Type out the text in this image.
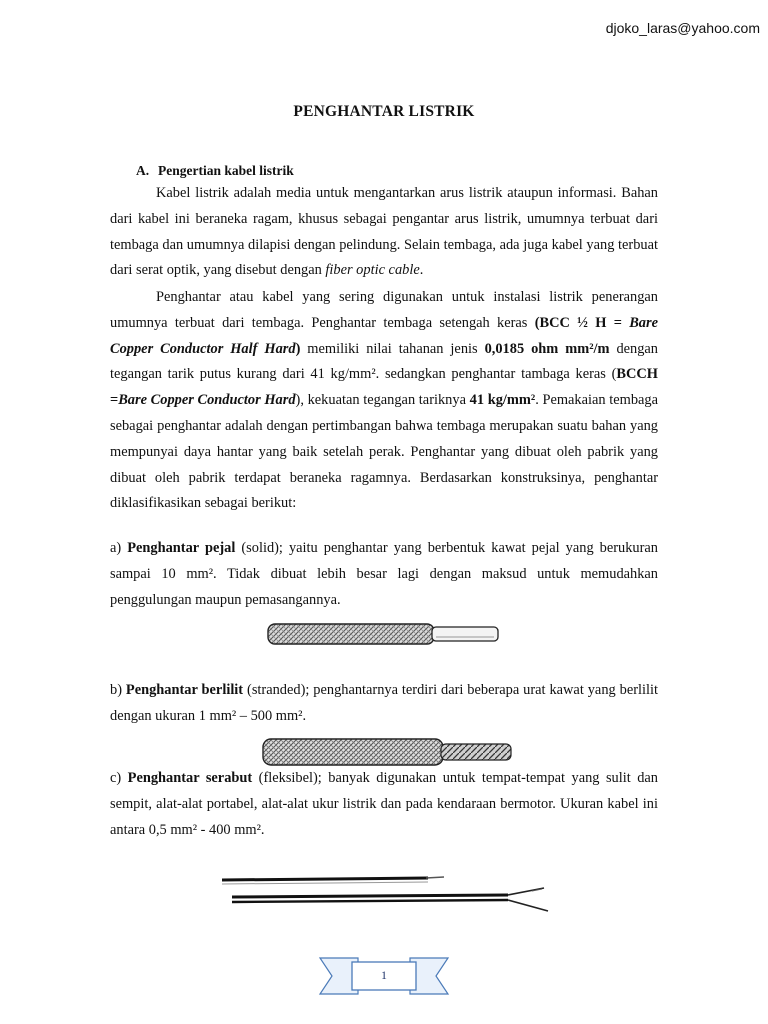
djoko_laras@yahoo.com
PENGHANTAR LISTRIK
A. Pengertian kabel listrik
Kabel listrik adalah media untuk mengantarkan arus listrik ataupun informasi. Bahan dari kabel ini beraneka ragam, khusus sebagai pengantar arus listrik, umumnya terbuat dari tembaga dan umumnya dilapisi dengan pelindung. Selain tembaga, ada juga kabel yang terbuat dari serat optik, yang disebut dengan fiber optic cable.
Penghantar atau kabel yang sering digunakan untuk instalasi listrik penerangan umumnya terbuat dari tembaga. Penghantar tembaga setengah keras (BCC ½ H = Bare Copper Conductor Half Hard) memiliki nilai tahanan jenis 0,0185 ohm mm²/m dengan tegangan tarik putus kurang dari 41 kg/mm². sedangkan penghantar tambaga keras (BCCH =Bare Copper Conductor Hard), kekuatan tegangan tariknya 41 kg/mm². Pemakaian tembaga sebagai penghantar adalah dengan pertimbangan bahwa tembaga merupakan suatu bahan yang mempunyai daya hantar yang baik setelah perak. Penghantar yang dibuat oleh pabrik yang dibuat oleh pabrik terdapat beraneka ragamnya. Berdasarkan konstruksinya, penghantar diklasifikasikan sebagai berikut:
a) Penghantar pejal (solid); yaitu penghantar yang berbentuk kawat pejal yang berukuran sampai 10 mm². Tidak dibuat lebih besar lagi dengan maksud untuk memudahkan penggulungan maupun pemasangannya.
b) Penghantar berlilit (stranded); penghantarnya terdiri dari beberapa urat kawat yang berlilit dengan ukuran 1 mm² – 500 mm².
c) Penghantar serabut (fleksibel); banyak digunakan untuk tempat-tempat yang sulit dan sempit, alat-alat portabel, alat-alat ukur listrik dan pada kendaraan bermotor. Ukuran kabel ini antara 0,5 mm² - 400 mm².
1
